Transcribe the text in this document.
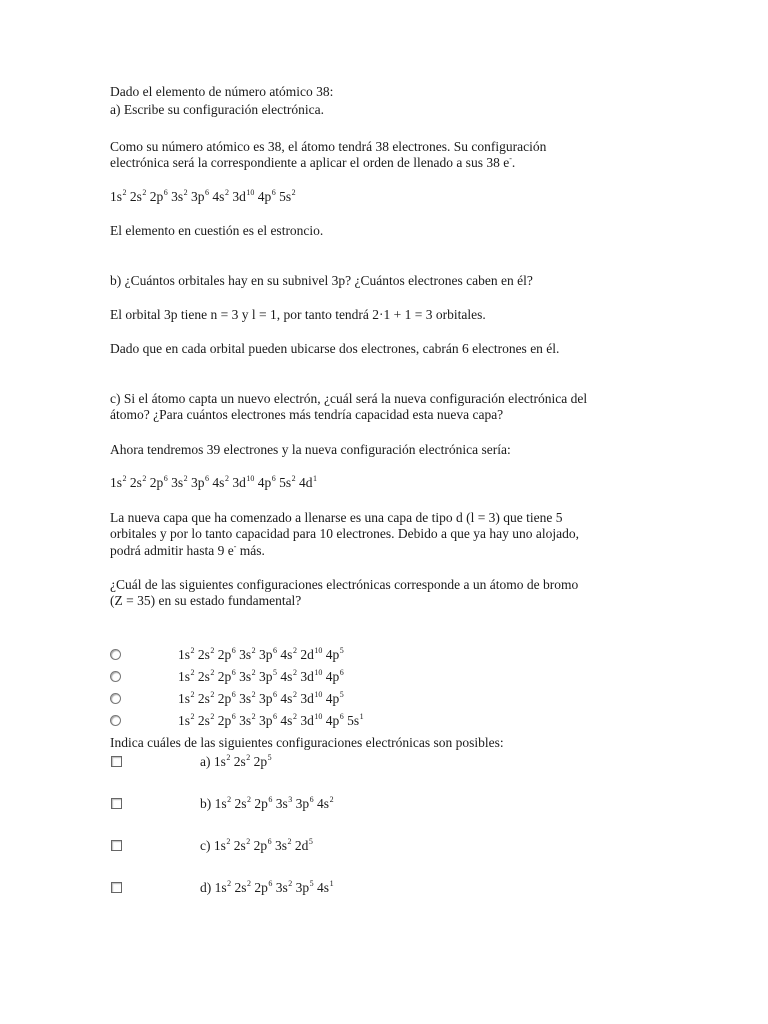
Dado el elemento de número atómico 38:
a) Escribe su configuración electrónica.
Como su número atómico es 38, el átomo tendrá 38 electrones. Su configuración
electrónica será la correspondiente a aplicar el orden de llenado a sus 38 e-.
$1s^2$ $2s^2$ $2p^6$ $3s^2$ $3p^6$ $4s^2$ $3d^{10}$ $4p^6$ $5s^2$
El elemento en cuestión es el estroncio.
b) ¿Cuántos orbitales hay en su subnivel 3p? ¿Cuántos electrones caben en él?
El orbital 3p tiene n = 3 y l = 1, por tanto tendrá 2·1 + 1 = 3 orbitales.
Dado que en cada orbital pueden ubicarse dos electrones, cabrán 6 electrones en él.
c) Si el átomo capta un nuevo electrón, ¿cuál será la nueva configuración electrónica del
átomo? ¿Para cuántos electrones más tendría capacidad esta nueva capa?
Ahora tendremos 39 electrones y la nueva configuración electrónica sería:
$1s^2$ $2s^2$ $2p^6$ $3s^2$ $3p^6$ $4s^2$ $3d^{10}$ $4p^6$ $5s^2$ $4d^1$
La nueva capa que ha comenzado a llenarse es una capa de tipo d (l = 3) que tiene 5
orbitales y por lo tanto capacidad para 10 electrones. Debido a que ya hay uno alojado,
podrá admitir hasta 9 e- más.
¿Cuál de las siguientes configuraciones electrónicas corresponde a un átomo de bromo
(Z = 35) en su estado fundamental?
$1s^2$ $2s^2$ $2p^6$ $3s^2$ $3p^6$ $4s^2$ $2d^{10}$ $4p^5$
$1s^2$ $2s^2$ $2p^6$ $3s^2$ $3p^5$ $4s^2$ $3d^{10}$ $4p^6$
$1s^2$ $2s^2$ $2p^6$ $3s^2$ $3p^6$ $4s^2$ $3d^{10}$ $4p^5$
$1s^2$ $2s^2$ $2p^6$ $3s^2$ $3p^6$ $4s^2$ $3d^{10}$ $4p^6$ $5s^1$
Indica cuáles de las siguientes configuraciones electrónicas son posibles:
a) $1s^2$ $2s^2$ $2p^5$
b) $1s^2$ $2s^2$ $2p^6$ $3s^3$ $3p^6$ $4s^2$
c) $1s^2$ $2s^2$ $2p^6$ $3s^2$ $2d^5$
d) $1s^2$ $2s^2$ $2p^6$ $3s^2$ $3p^5$ $4s^1$
